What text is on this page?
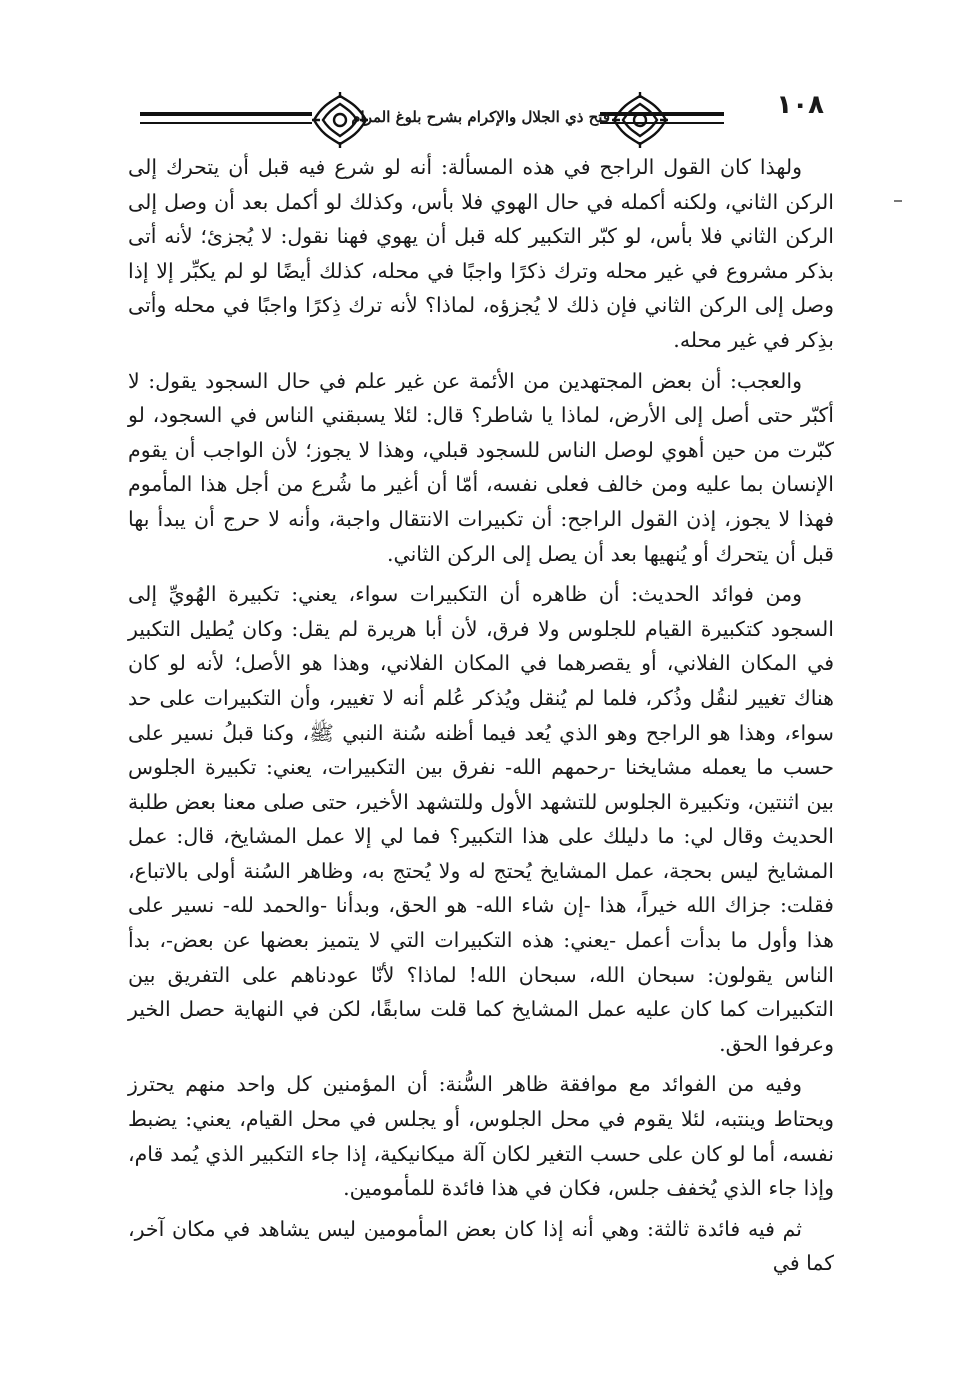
١٠٨
فتح ذي الجلال والإكرام بشرح بلوغ المرام

ولهذا كان القول الراجح في هذه المسألة: أنه لو شرع فيه قبل أن يتحرك إلى الركن الثاني، ولكنه أكمله في حال الهوي فلا بأس، وكذلك لو أكمل بعد أن وصل إلى الركن الثاني فلا بأس، لو كبّر التكبير كله قبل أن يهوي فهنا نقول: لا يُجزئ؛ لأنه أتى بذكر مشروع في غير محله وترك ذكرًا واجبًا في محله، كذلك أيضًا لو لم يكبِّر إلا إذا وصل إلى الركن الثاني فإن ذلك لا يُجزؤه، لماذا؟ لأنه ترك ذِكرًا واجبًا في محله وأتى بذِكر في غير محله.

والعجب: أن بعض المجتهدين من الأئمة عن غير علم في حال السجود يقول: لا أكبّر حتى أصل إلى الأرض، لماذا يا شاطر؟ قال: لئلا يسبقني الناس في السجود، لو كبّرت من حين أهوي لوصل الناس للسجود قبلي، وهذا لا يجوز؛ لأن الواجب أن يقوم الإنسان بما عليه ومن خالف فعلى نفسه، أمّا أن أغير ما شُرع من أجل هذا المأموم فهذا لا يجوز، إذن القول الراجح: أن تكبيرات الانتقال واجبة، وأنه لا حرج أن يبدأ بها قبل أن يتحرك أو يُنهيها بعد أن يصل إلى الركن الثاني.

ومن فوائد الحديث: أن ظاهره أن التكبيرات سواء، يعني: تكبيرة الهُويِّ إلى السجود كتكبيرة القيام للجلوس ولا فرق، لأن أبا هريرة لم يقل: وكان يُطيل التكبير في المكان الفلاني، أو يقصرهما في المكان الفلاني، وهذا هو الأصل؛ لأنه لو كان هناك تغيير لنقُل وذُكر، فلما لم يُنقل ويُذكر عُلم أنه لا تغيير، وأن التكبيرات على حد سواء، وهذا هو الراجح وهو الذي يُعد فيما أظنه سُنة النبي ﷺ، وكنا قبلُ نسير على حسب ما يعمله مشايخنا -رحمهم الله- نفرق بين التكبيرات، يعني: تكبيرة الجلوس بين اثنتين، وتكبيرة الجلوس للتشهد الأول وللتشهد الأخير، حتى صلى معنا بعض طلبة الحديث وقال لي: ما دليلك على هذا التكبير؟ فما لي إلا عمل المشايخ، قال: عمل المشايخ ليس بحجة، عمل المشايخ يُحتج له ولا يُحتج به، وظاهر السُنة أولى بالاتباع، فقلت: جزاك الله خيراً، هذا -إن شاء الله- هو الحق، وبدأنا -والحمد لله- نسير على هذا وأول ما بدأت أعمل -يعني: هذه التكبيرات التي لا يتميز بعضها عن بعض-، بدأ الناس يقولون: سبحان الله، سبحان الله! لماذا؟ لأنّا عودناهم على التفريق بين التكبيرات كما كان عليه عمل المشايخ كما قلت سابقًا، لكن في النهاية حصل الخير وعرفوا الحق.

وفيه من الفوائد مع موافقة ظاهر السُّنة: أن المؤمنين كل واحد منهم يحترز ويحتاط وينتبه، لئلا يقوم في محل الجلوس، أو يجلس في محل القيام، يعني: يضبط نفسه، أما لو كان على حسب التغير لكان آلة ميكانيكية، إذا جاء التكبير الذي يُمد قام، وإذا جاء الذي يُخفف جلس، فكان في هذا فائدة للمأمومين.

ثم فيه فائدة ثالثة: وهي أنه إذا كان بعض المأمومين ليس يشاهد في مكان آخر، كما في
